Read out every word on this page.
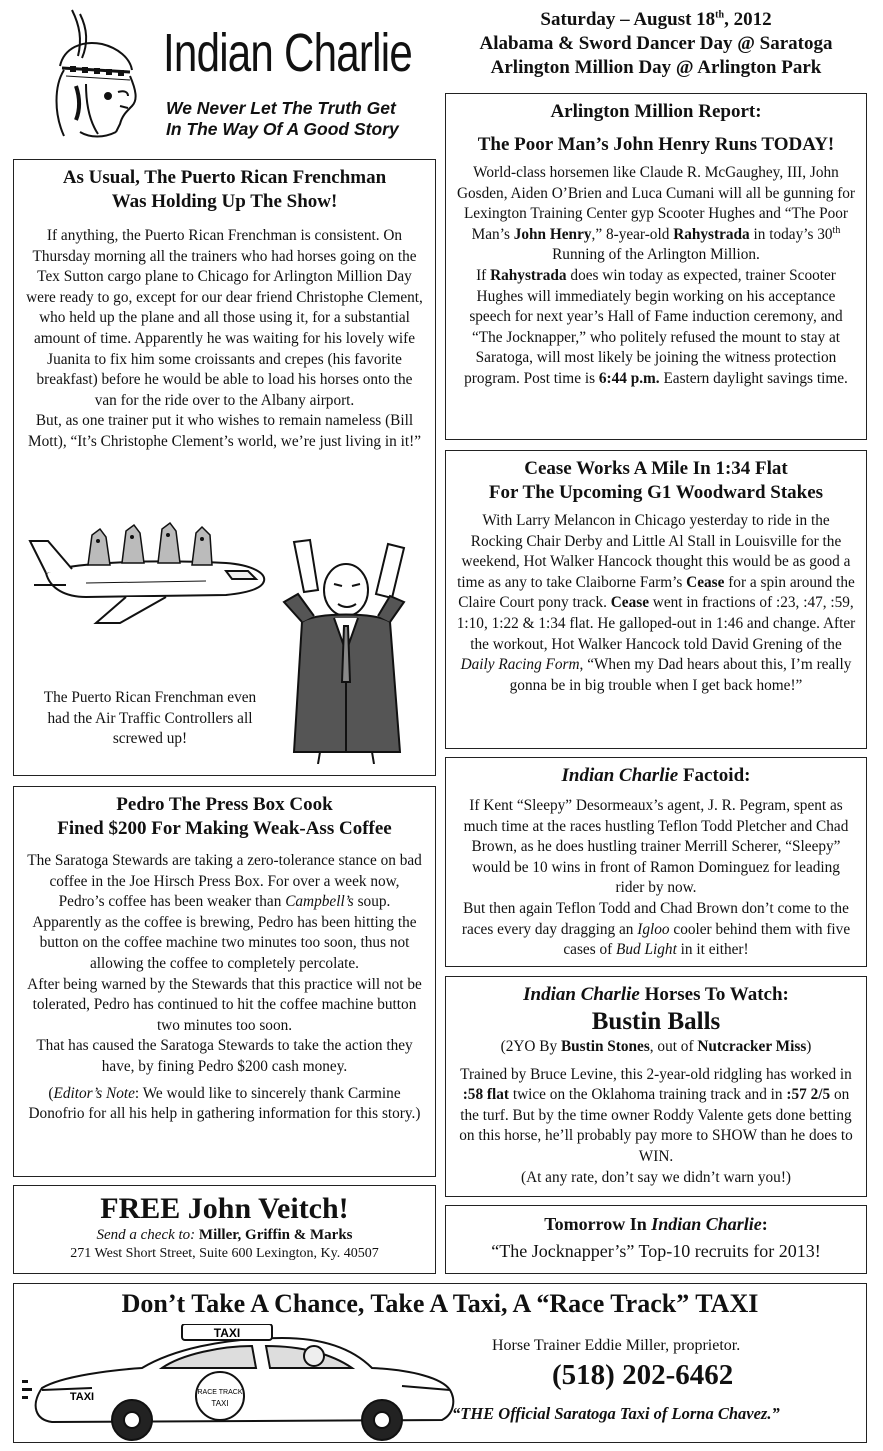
Indian Charlie
We Never Let The Truth Get
In The Way Of A Good Story
Saturday – August 18th, 2012
Alabama & Sword Dancer Day @ Saratoga
Arlington Million Day @ Arlington Park
As Usual, The Puerto Rican Frenchman
Was Holding Up The Show!

If anything, the Puerto Rican Frenchman is consistent. On Thursday morning all the trainers who had horses going on the Tex Sutton cargo plane to Chicago for Arlington Million Day were ready to go, except for our dear friend Christophe Clement, who held up the plane and all those using it, for a substantial amount of time. Apparently he was waiting for his lovely wife Juanita to fix him some croissants and crepes (his favorite breakfast) before he would be able to load his horses onto the van for the ride over to the Albany airport.

But, as one trainer put it who wishes to remain nameless (Bill Mott), “It’s Christophe Clement’s world, we’re just living in it!”

The Puerto Rican Frenchman even had the Air Traffic Controllers all screwed up!
Pedro The Press Box Cook
Fined $200 For Making Weak-Ass Coffee

The Saratoga Stewards are taking a zero-tolerance stance on bad coffee in the Joe Hirsch Press Box. For over a week now, Pedro’s coffee has been weaker than Campbell’s soup. Apparently as the coffee is brewing, Pedro has been hitting the button on the coffee machine two minutes too soon, thus not allowing the coffee to completely percolate.

After being warned by the Stewards that this practice will not be tolerated, Pedro has continued to hit the coffee machine button two minutes too soon.

That has caused the Saratoga Stewards to take the action they have, by fining Pedro $200 cash money.

(Editor’s Note: We would like to sincerely thank Carmine Donofrio for all his help in gathering information for this story.)

FREE John Veitch!
Send a check to: Miller, Griffin & Marks
271 West Short Street, Suite 600 Lexington, Ky. 40507
Arlington Million Report:
The Poor Man’s John Henry Runs TODAY!

World-class horsemen like Claude R. McGaughey, III, John Gosden, Aiden O’Brien and Luca Cumani will all be gunning for Lexington Training Center gyp Scooter Hughes and “The Poor Man’s John Henry,” 8-year-old Rahystrada in today’s 30th Running of the Arlington Million.

If Rahystrada does win today as expected, trainer Scooter Hughes will immediately begin working on his acceptance speech for next year’s Hall of Fame induction ceremony, and “The Jocknapper,” who politely refused the mount to stay at Saratoga, will most likely be joining the witness protection program. Post time is 6:44 p.m. Eastern daylight savings time.

Cease Works A Mile In 1:34 Flat
For The Upcoming G1 Woodward Stakes

With Larry Melancon in Chicago yesterday to ride in the Rocking Chair Derby and Little Al Stall in Louisville for the weekend, Hot Walker Hancock thought this would be as good a time as any to take Claiborne Farm’s Cease for a spin around the Claire Court pony track. Cease went in fractions of :23, :47, :59, 1:10, 1:22 & 1:34 flat. He galloped-out in 1:46 and change. After the workout, Hot Walker Hancock told David Grening of the Daily Racing Form, “When my Dad hears about this, I’m really gonna be in big trouble when I get back home!”

Indian Charlie Factoid:

If Kent “Sleepy” Desormeaux’s agent, J. R. Pegram, spent as much time at the races hustling Teflon Todd Pletcher and Chad Brown, as he does hustling trainer Merrill Scherer, “Sleepy” would be 10 wins in front of Ramon Dominguez for leading rider by now.

But then again Teflon Todd and Chad Brown don’t come to the races every day dragging an Igloo cooler behind them with five cases of Bud Light in it either!

Indian Charlie Horses To Watch:
Bustin Balls

(2YO By Bustin Stones, out of Nutcracker Miss)

Trained by Bruce Levine, this 2-year-old ridgling has worked in :58 flat twice on the Oklahoma training track and in :57 2/5 on the turf. But by the time owner Roddy Valente gets done betting on this horse, he’ll probably pay more to SHOW than he does to WIN.

(At any rate, don’t say we didn’t warn you!)

Tomorrow In Indian Charlie:
“The Jocknapper’s” Top-10 recruits for 2013!
Don’t Take A Chance, Take A Taxi, A “Race Track” TAXI
TAXI
RACE TRACK
TAXI
TAXI
Horse Trainer Eddie Miller, proprietor.
(518) 202-6462
“THE Official Saratoga Taxi of Lorna Chavez.”
